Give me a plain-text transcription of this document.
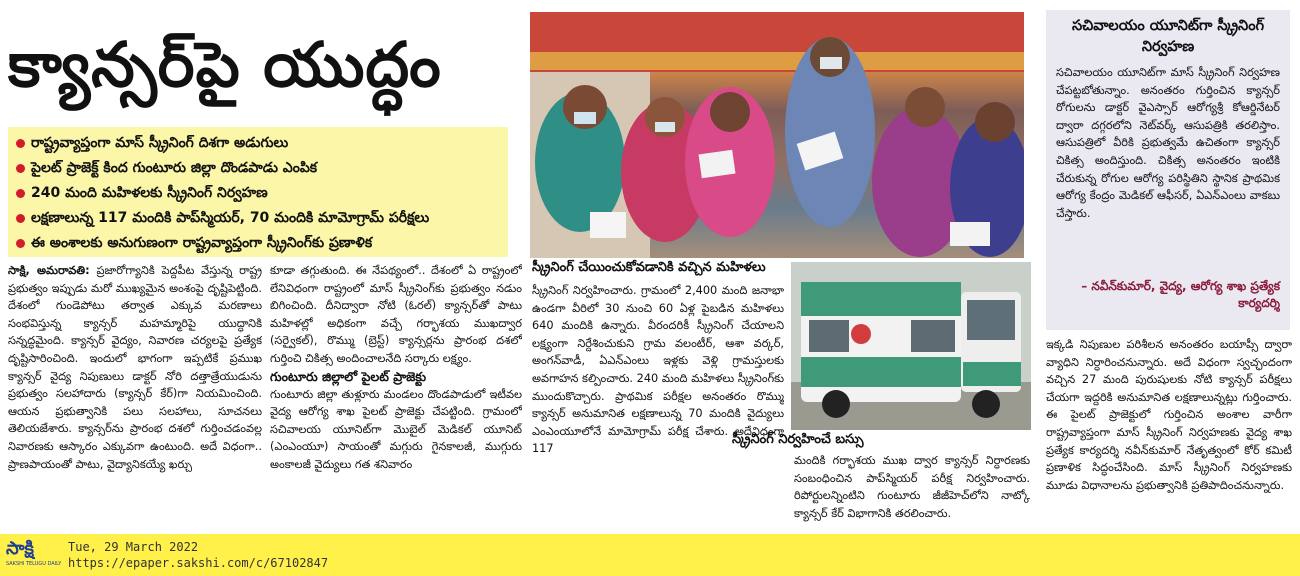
క్యాన్సర్‌పై యుద్ధం
రాష్ట్రవ్యాప్తంగా మాస్ స్క్రీనింగ్ దిశగా అడుగులు
పైలట్ ప్రాజెక్ట్ కింద గుంటూరు జిల్లా దొండపాడు ఎంపిక
240 మంది మహిళలకు స్క్రీనింగ్ నిర్వహణ
లక్షణాలున్న 117 మందికి పాప్‌స్మియర్, 70 మందికి మామోగ్రామ్ పరీక్షలు
ఈ అంశాలకు అనుగుణంగా రాష్ట్రవ్యాప్తంగా స్క్రీనింగ్‌కు ప్రణాళిక

సాక్షి, అమరావతి: ప్రజారోగ్యానికి పెద్దపీట వేస్తున్న రాష్ట్ర ప్రభుత్వం ఇప్పుడు మరో ముఖ్యమైన అంశంపై దృష్టిపెట్టింది. దేశంలో గుండెపోటు తర్వాత ఎక్కువ మరణాలు సంభవిస్తున్న క్యాన్సర్ మహమ్మారిపై యుద్ధానికి సన్నద్ధమైంది. క్యాన్సర్ వైద్యం, నివారణ చర్యలపై ప్రత్యేక దృష్టిసారించింది. ఇందులో భాగంగా ఇప్పటికే ప్రముఖ క్యాన్సర్ వైద్య నిపుణులు డాక్టర్ నోరి దత్తాత్రేయుడును ప్రభుత్వం సలహాదారు (క్యాన్సర్ కేర్)గా నియమించింది. ఆయన ప్రభుత్వానికి పలు సలహాలు, సూచనలు తెలియజేశారు. క్యాన్సర్‌ను ప్రారంభ దశలో గుర్తించడంవల్ల నివారణకు ఆస్కారం ఎక్కువగా ఉంటుంది. అదే విధంగా.. ప్రాణపాయంతో పాటు, వైద్యానికయ్యే ఖర్చు

కూడా తగ్గుతుంది. ఈ నేపథ్యంలో.. దేశంలో ఏ రాష్ట్రంలో లేనివిధంగా రాష్ట్రంలో మాస్ స్క్రీనింగ్‌కు ప్రభుత్వం నడుం బిగించింది. దీనిద్వారా నోటి (ఓరల్) క్యాన్సర్‌తో పాటు మహిళల్లో అధికంగా వచ్చే గర్భాశయ ముఖద్వార (సర్వైకల్), రొమ్ము (బ్రెస్ట్) క్యాన్సర్లను ప్రారంభ దశలో గుర్తించి చికిత్స అందించాలనేది సర్కారు లక్ష్యం.

గుంటూరు జిల్లాలో పైలట్ ప్రాజెక్టు

గుంటూరు జిల్లా తుళ్లూరు మండలం దొండపాడులో ఇటీవల వైద్య ఆరోగ్య శాఖ పైలట్ ప్రాజెక్టు చేపట్టింది. గ్రామంలో సచివాలయ యూనిట్‌గా మొబైల్ మెడికల్ యూనిట్ (ఎంఎంయూ) సాయంతో మగ్గురు గైనకాలజీ, ముగ్గురు అంకాలజీ వైద్యులు గత శనివారం

స్క్రీనింగ్ చేయించుకోవడానికి వచ్చిన మహిళలు

స్క్రీనింగ్ నిర్వహించారు. గ్రామంలో 2,400 మంది జనాభా ఉండగా వీరిలో 30 నుంచి 60 ఏళ్ల పైబడిన మహిళలు 640 మందికి ఉన్నారు. వీరందరికీ స్క్రీనింగ్ చేయాలని లక్ష్యంగా నిర్దేశించుకుని గ్రామ వలంటీర్, ఆశా వర్కర్, అంగన్‌వాడీ, ఏఎన్‌ఎంలు ఇళ్లకు వెళ్లి గ్రామస్తులకు అవగాహన కల్పించారు. 240 మంది మహిళలు స్క్రీనింగ్‌కు ముందుకొచ్చారు. ప్రాథమిక పరీక్షల అనంతరం రొమ్ము క్యాన్సర్ అనుమానిత లక్షణాలున్న 70 మందికి వైద్యులు ఎంఎంయూలోనే మామోగ్రామ్ పరీక్ష చేశారు. అదేవిధంగా 117

స్క్రీనింగ్ నిర్వహించే బస్సు

మందికి గర్భాశయ ముఖ ద్వార క్యాన్సర్ నిర్ధారణకు సంబంధించిన పాప్‌స్మియర్ పరీక్ష నిర్వహించారు. రిపోర్టులన్నింటిని గుంటూరు జీజీహెచ్‌లోని నాట్కో క్యాన్సర్ కేర్ విభాగానికి తరలించారు.

సచివాలయం యూనిట్‌గా స్క్రీనింగ్ నిర్వహణ
సచివాలయం యూనిట్‌గా మాస్ స్క్రీనింగ్ నిర్వహణ చేపట్టబోతున్నాం. అనంతరం గుర్తించిన క్యాన్సర్ రోగులను డాక్టర్ వైఎస్సార్ ఆరోగ్యశ్రీ కోఆర్డినేటర్ ద్వారా దగ్గరలోని నెట్‌వర్క్ ఆసుపత్రికి తరలిస్తాం. ఆసుపత్రిలో వీరికి ప్రభుత్వమే ఉచితంగా క్యాన్సర్ చికిత్స అందిస్తుంది. చికిత్స అనంతరం ఇంటికి చేరుకున్న రోగుల ఆరోగ్య పరిస్థితిని స్థానిక ప్రాథమిక ఆరోగ్య కేంద్రం మెడికల్ ఆఫీసర్, ఏఎన్‌ఎంలు వాకబు చేస్తారు.
– నవీన్‌కుమార్, వైద్య, ఆరోగ్య శాఖ ప్రత్యేక కార్యదర్శి

ఇక్కడి నిపుణుల పరిశీలన అనంతరం బయాప్సీ ద్వారా వ్యాధిని నిర్ధారించనున్నారు. అదే విధంగా స్వచ్ఛందంగా వచ్చిన 27 మంది పురుషులకు నోటి క్యాన్సర్ పరీక్షలు చేయగా ఇద్దరికి అనుమానిత లక్షణాలున్నట్లు గుర్తించారు. ఈ పైలట్ ప్రాజెక్టులో గుర్తించిన అంశాల వారీగా రాష్ట్రవ్యాప్తంగా మాస్ స్క్రీనింగ్ నిర్వహణకు వైద్య శాఖ ప్రత్యేక కార్యదర్శి నవీన్‌కుమార్ నేతృత్వంలో కోర్ కమిటీ ప్రణాళిక సిద్ధంచేసింది. మాస్ స్క్రీనింగ్ నిర్వహణకు మూడు విధానాలను ప్రభుత్వానికి ప్రతిపాదించనున్నారు.

సాక్షి
SAKSHI TELUGU DAILY
Tue, 29 March 2022
https://epaper.sakshi.com/c/67102847
